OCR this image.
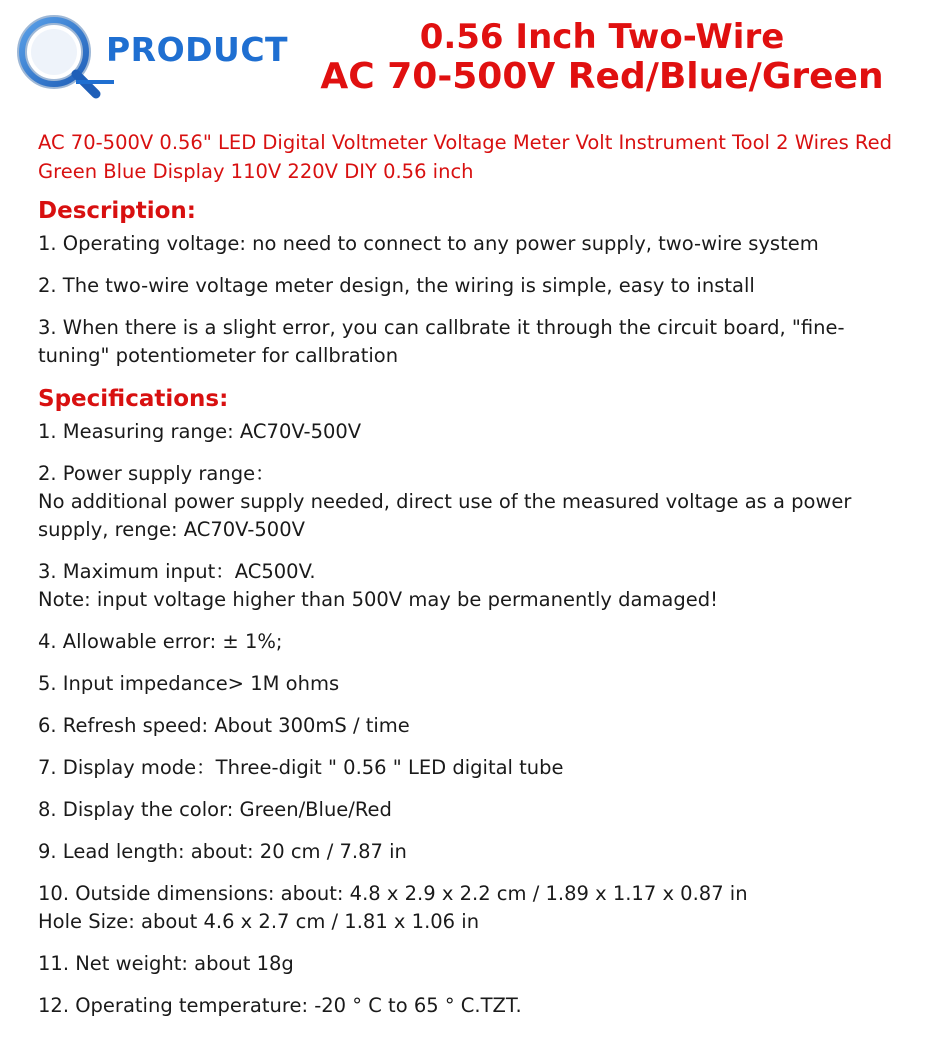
PRODUCT	0.56 Inch Two-Wire
AC 70-500V Red/Blue/Green

AC 70-500V 0.56" LED Digital Voltmeter Voltage Meter Volt Instrument Tool 2 Wires Red Green Blue Display 110V 220V DIY 0.56 inch

Description:

1. Operating voltage: no need to connect to any power supply, two-wire system

2. The two-wire voltage meter design, the wiring is simple, easy to install

3. When there is a slight error, you can callbrate it through the circuit board, "fine-tuning" potentiometer for callbration

Specifications:

1. Measuring range: AC70V-500V

2. Power supply range：
No additional power supply needed, direct use of the measured voltage as a power supply, renge: AC70V-500V

3. Maximum input：AC500V.
Note: input voltage higher than 500V may be permanently damaged!

4. Allowable error: ± 1%;

5. Input impedance> 1M ohms

6. Refresh speed: About 300mS / time

7. Display mode：Three-digit " 0.56 " LED digital tube

8. Display the color: Green/Blue/Red

9. Lead length: about: 20 cm / 7.87 in

10. Outside dimensions: about: 4.8 x 2.9 x 2.2 cm / 1.89 x 1.17 x 0.87 in
Hole Size: about 4.6 x 2.7 cm / 1.81 x 1.06 in

11. Net weight: about 18g

12. Operating temperature: -20 ° C to 65 ° C.TZT.
